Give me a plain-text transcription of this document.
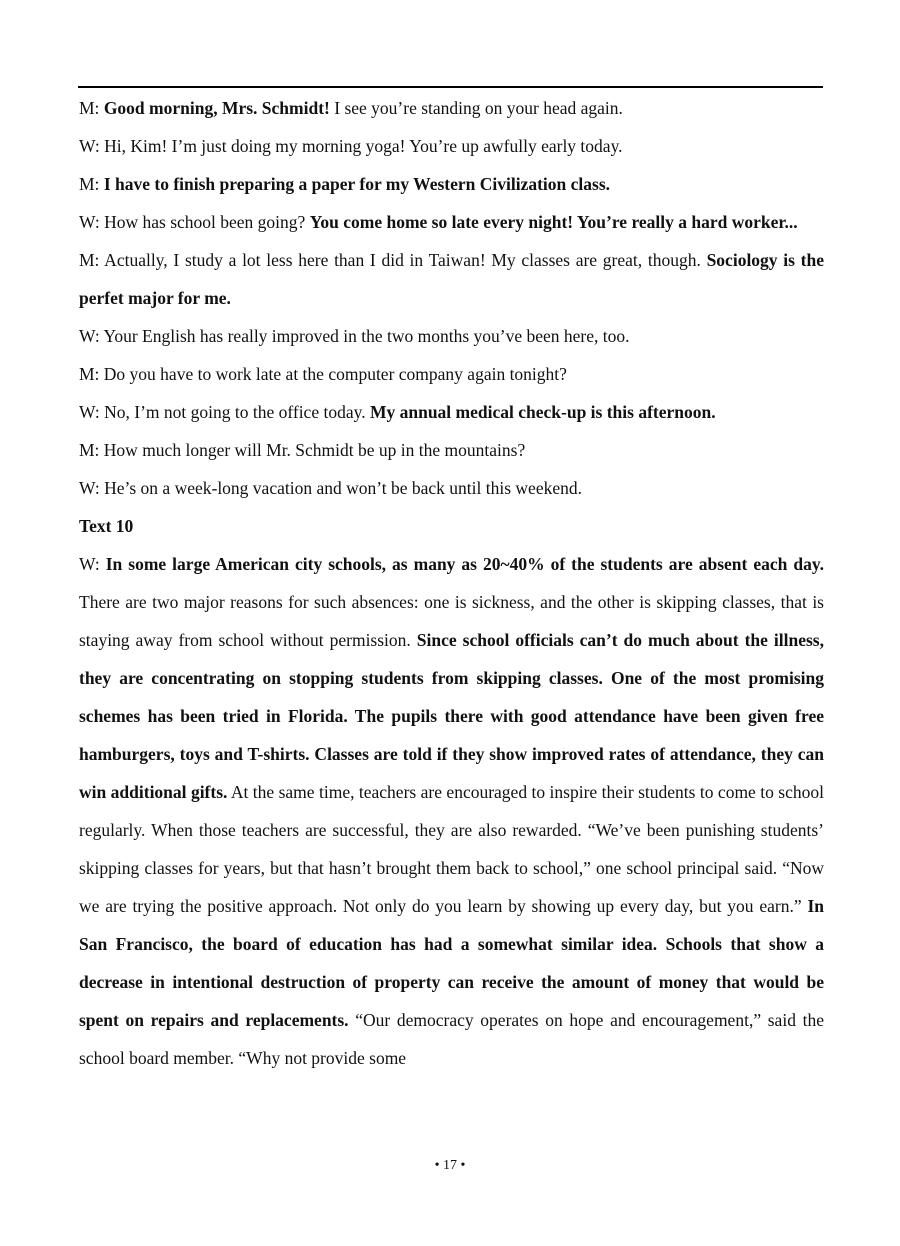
M: Good morning, Mrs. Schmidt! I see you’re standing on your head again.

W: Hi, Kim! I’m just doing my morning yoga! You’re up awfully early today.

M: I have to finish preparing a paper for my Western Civilization class.

W: How has school been going? You come home so late every night! You’re really a hard worker...

M: Actually, I study a lot less here than I did in Taiwan! My classes are great, though. Sociology is the perfet major for me.

W: Your English has really improved in the two months you’ve been here, too.

M: Do you have to work late at the computer company again tonight?

W: No, I’m not going to the office today. My annual medical check-up is this afternoon.

M: How much longer will Mr. Schmidt be up in the mountains?

W: He’s on a week-long vacation and won’t be back until this weekend.

Text 10

W: In some large American city schools, as many as 20~40% of the students are absent each day. There are two major reasons for such absences: one is sickness, and the other is skipping classes, that is staying away from school without permission. Since school officials can’t do much about the illness, they are concentrating on stopping students from skipping classes. One of the most promising schemes has been tried in Florida. The pupils there with good attendance have been given free hamburgers, toys and T-shirts. Classes are told if they show improved rates of attendance, they can win additional gifts. At the same time, teachers are encouraged to inspire their students to come to school regularly. When those teachers are successful, they are also rewarded. “We’ve been punishing students’ skipping classes for years, but that hasn’t brought them back to school,” one school principal said. “Now we are trying the positive approach. Not only do you learn by showing up every day, but you earn.” In San Francisco, the board of education has had a somewhat similar idea. Schools that show a decrease in intentional destruction of property can receive the amount of money that would be spent on repairs and replacements. “Our democracy operates on hope and encouragement,” said the school board member. “Why not provide some

• 17 •
